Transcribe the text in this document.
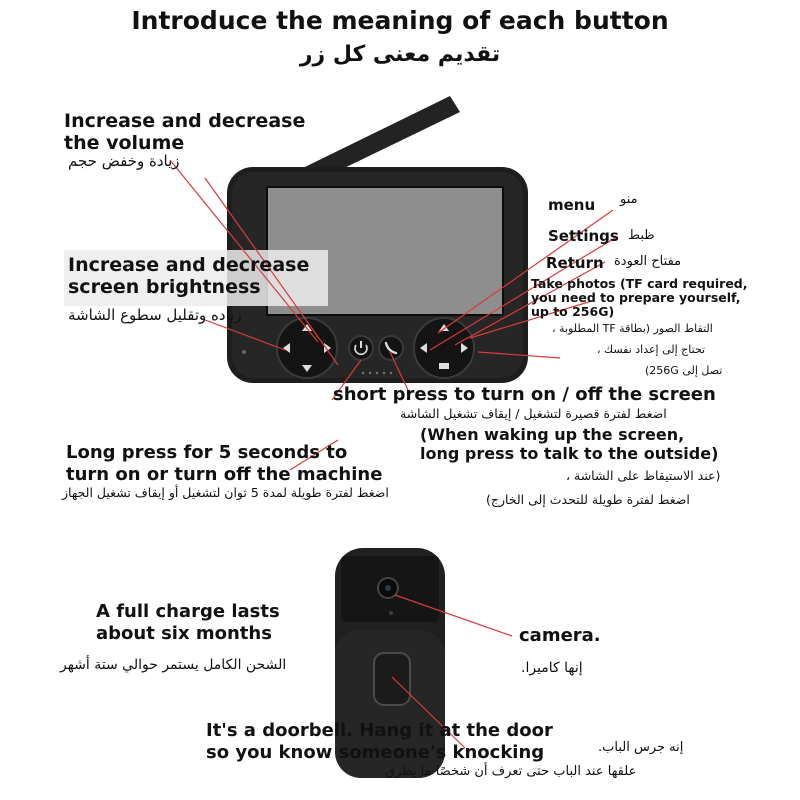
Introduce the meaning of each button
تقديم معنى كل زر
Increase and decrease
the volume
زيادة وخفض حجم
Increase and decrease
screen brightness
زياده وتقليل سطوع الشاشة
menu منو
Settings ظبط
Return مفتاح العودة
Take photos (TF card required,
you need to prepare yourself,
up to 256G)
التقاط الصور (بطاقة TF المطلوبة ،
تحتاج إلى إعداد نفسك ،
تصل إلى 256G)
short press to turn on / off the screen
اضغط لفترة قصيرة لتشغيل / إيقاف تشغيل الشاشة
(When waking up the screen,
long press to talk to the outside)
(عند الاستيقاظ على الشاشة ،
اضغط لفترة طويلة للتحدث إلى الخارج)
Long press for 5 seconds to
turn on or turn off the machine
اضغط لفترة طويلة لمدة 5 ثوان لتشغيل أو إيقاف تشغيل الجهاز
A full charge lasts
about six months
الشحن الكامل يستمر حوالي ستة أشهر
camera.
إنها كاميرا.
It's a doorbell. Hang it at the door
so you know someone's knocking	إنه جرس الباب.
علقها عند الباب حتى تعرف أن شخصًا ما يطرق
